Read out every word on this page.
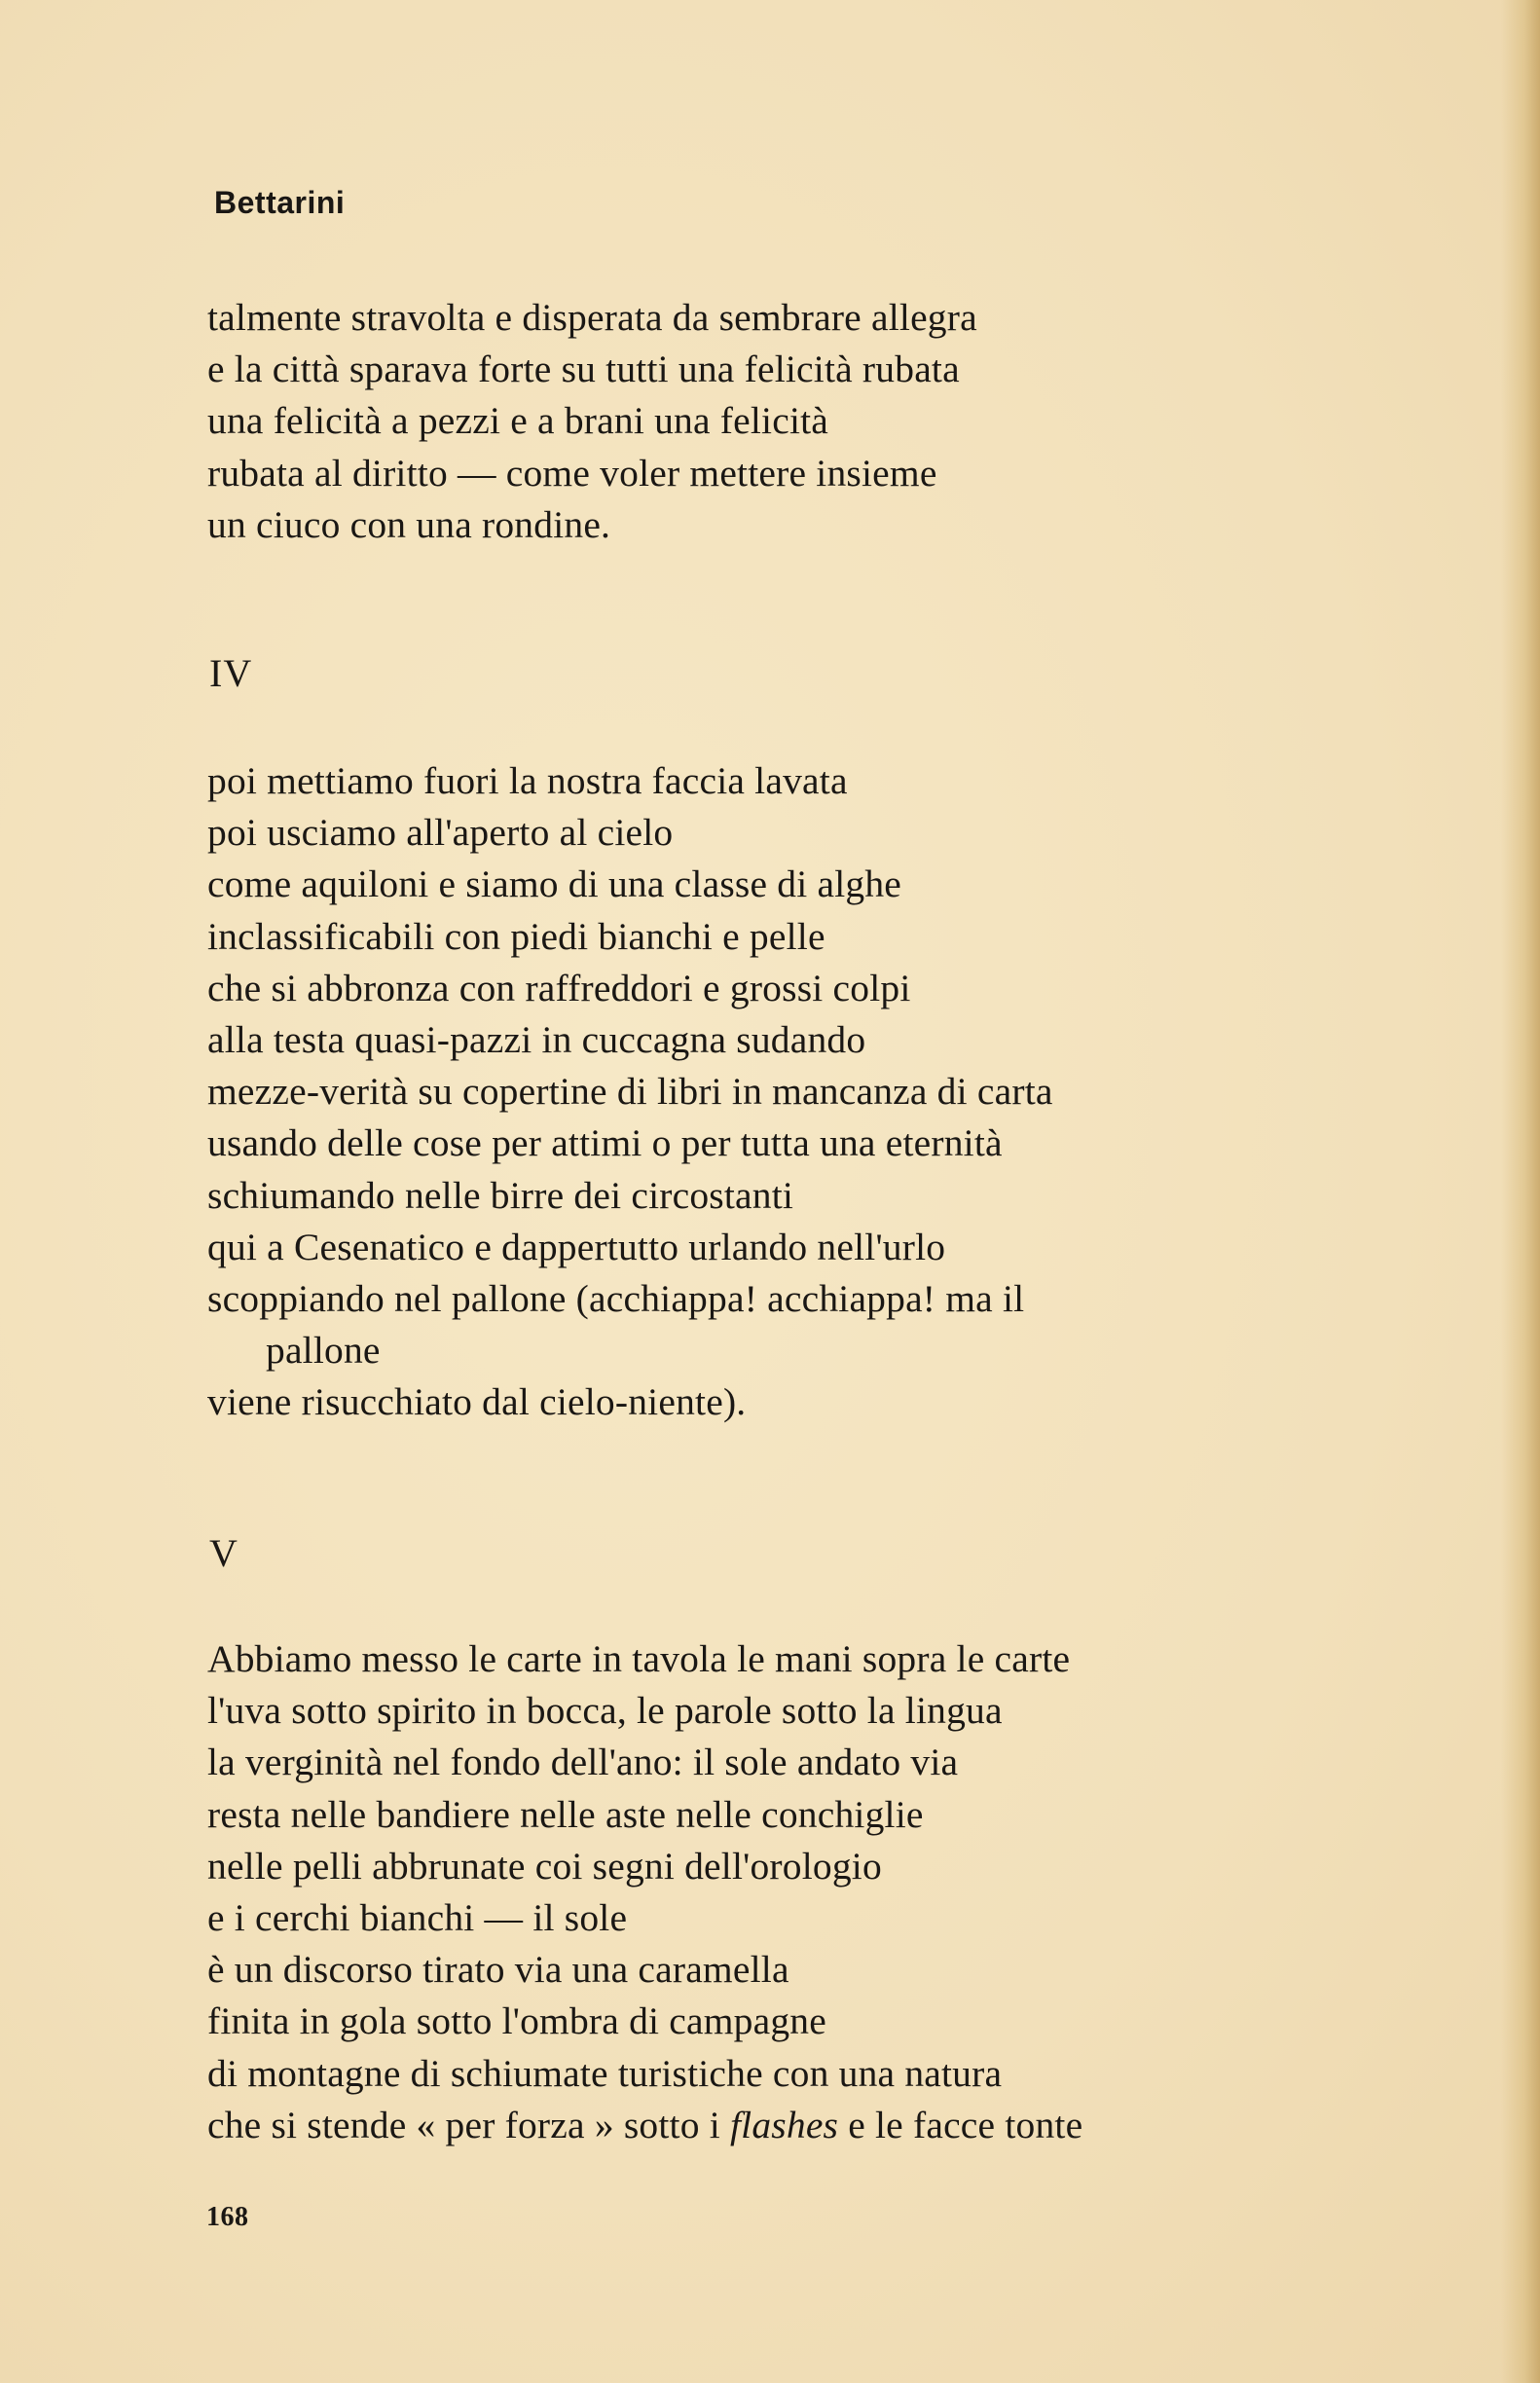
Bettarini
talmente stravolta e disperata da sembrare allegra
e la città sparava forte su tutti una felicità rubata
una felicità a pezzi e a brani una felicità
rubata al diritto — come voler mettere insieme
un ciuco con una rondine.
IV
poi mettiamo fuori la nostra faccia lavata
poi usciamo all'aperto al cielo
come aquiloni e siamo di una classe di alghe
inclassificabili con piedi bianchi e pelle
che si abbronza con raffreddori e grossi colpi
alla testa quasi-pazzi in cuccagna sudando
mezze-verità su copertine di libri in mancanza di carta
usando delle cose per attimi o per tutta una eternità
schiumando nelle birre dei circostanti
qui a Cesenatico e dappertutto urlando nell'urlo
scoppiando nel pallone (acchiappa! acchiappa! ma il
pallone
viene risucchiato dal cielo-niente).
V
Abbiamo messo le carte in tavola le mani sopra le carte
l'uva sotto spirito in bocca, le parole sotto la lingua
la verginità nel fondo dell'ano: il sole andato via
resta nelle bandiere nelle aste nelle conchiglie
nelle pelli abbrunate coi segni dell'orologio
e i cerchi bianchi — il sole
è un discorso tirato via una caramella
finita in gola sotto l'ombra di campagne
di montagne di schiumate turistiche con una natura
che si stende « per forza » sotto i flashes e le facce tonte
168
